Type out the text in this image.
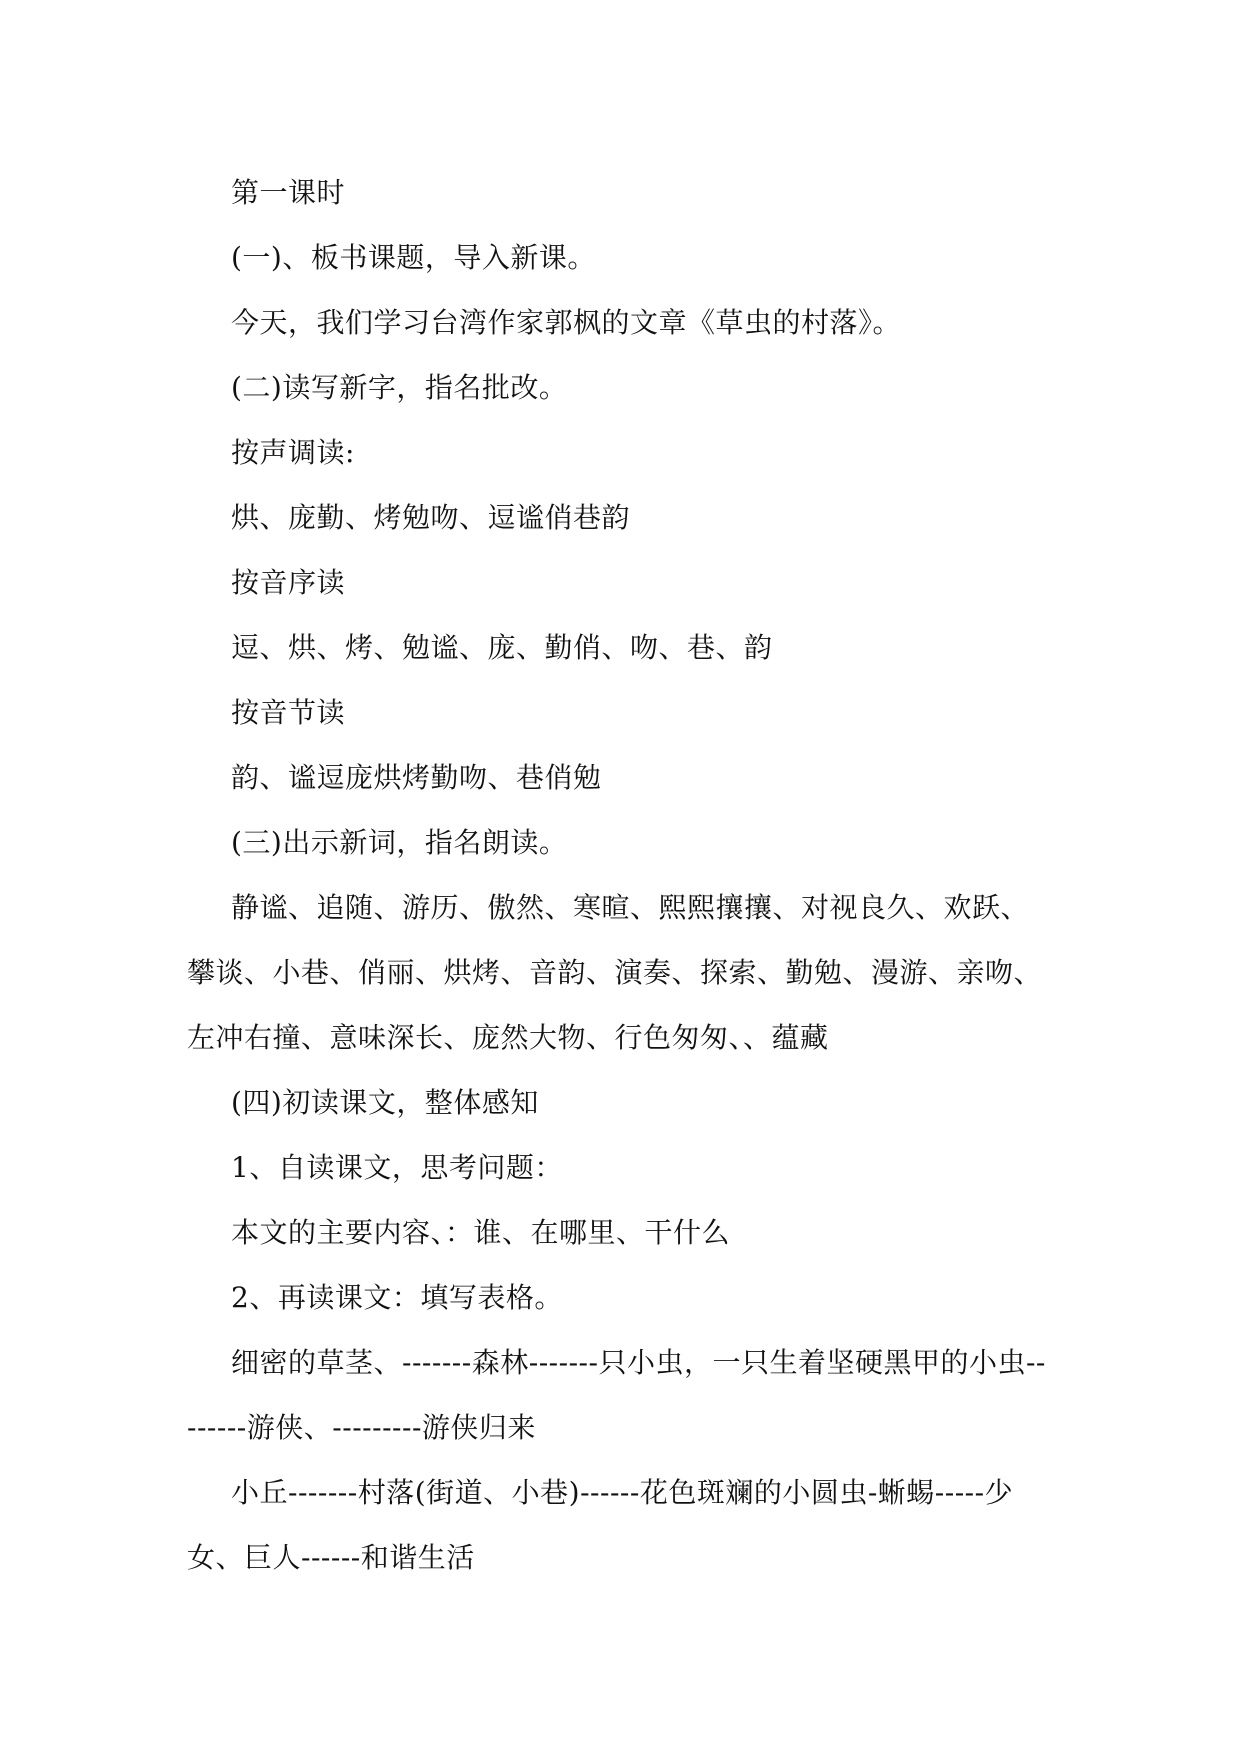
第一课时

(一)、板书课题，导入新课。

今天，我们学习台湾作家郭枫的文章《草虫的村落》。

(二)读写新字，指名批改。

按声调读:

烘、庞勤、烤勉吻、逗谧俏巷韵

按音序读

逗、烘、烤、勉谧、庞、勤俏、吻、巷、韵

按音节读

韵、谧逗庞烘烤勤吻、巷俏勉

(三)出示新词，指名朗读。

静谧、追随、游历、傲然、寒暄、熙熙攘攘、对视良久、欢跃、攀谈、小巷、俏丽、烘烤、音韵、演奏、探索、勤勉、漫游、亲吻、左冲右撞、意味深长、庞然大物、行色匆匆、、蕴藏

(四)初读课文，整体感知

1、自读课文，思考问题：

本文的主要内容、：谁、在哪里、干什么

2、再读课文：填写表格。

细密的草茎、-------森林-------只小虫，一只生着坚硬黑甲的小虫--------游侠、---------游侠归来

小丘-------村落(街道、小巷)------花色斑斓的小圆虫-蜥蜴-----少女、巨人------和谐生活
